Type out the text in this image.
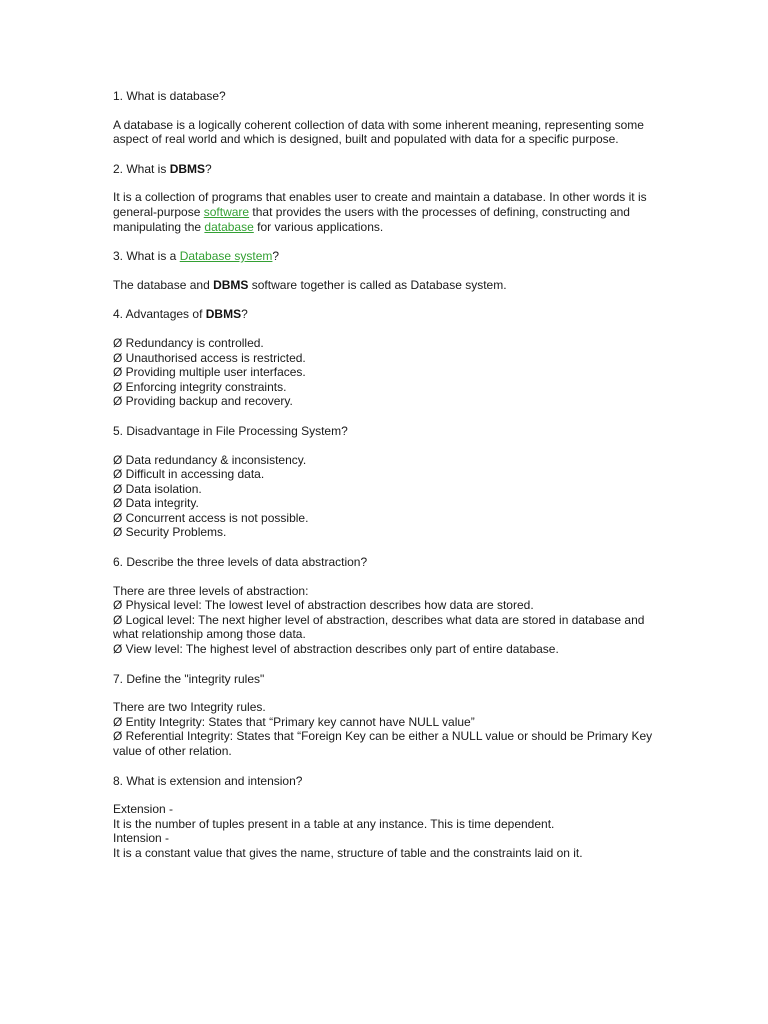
1. What is database?

A database is a logically coherent collection of data with some inherent meaning, representing some aspect of real world and which is designed, built and populated with data for a specific purpose.

2. What is DBMS?

It is a collection of programs that enables user to create and maintain a database. In other words it is general-purpose software that provides the users with the processes of defining, constructing and manipulating the database for various applications.

3. What is a Database system?

The database and DBMS software together is called as Database system.

4. Advantages of DBMS?

Ø Redundancy is controlled.

Ø Unauthorised access is restricted.

Ø Providing multiple user interfaces.

Ø Enforcing integrity constraints.

Ø Providing backup and recovery.

5. Disadvantage in File Processing System?

Ø Data redundancy & inconsistency.

Ø Difficult in accessing data.

Ø Data isolation.

Ø Data integrity.

Ø Concurrent access is not possible.

Ø Security Problems.

6. Describe the three levels of data abstraction?

There are three levels of abstraction:

Ø Physical level: The lowest level of abstraction describes how data are stored.

Ø Logical level: The next higher level of abstraction, describes what data are stored in database and what relationship among those data.

Ø View level: The highest level of abstraction describes only part of entire database.

7. Define the "integrity rules"

There are two Integrity rules.

Ø Entity Integrity: States that “Primary key cannot have NULL value”

Ø Referential Integrity: States that “Foreign Key can be either a NULL value or should be Primary Key value of other relation.

8. What is extension and intension?

Extension -

It is the number of tuples present in a table at any instance. This is time dependent.

Intension -

It is a constant value that gives the name, structure of table and the constraints laid on it.
